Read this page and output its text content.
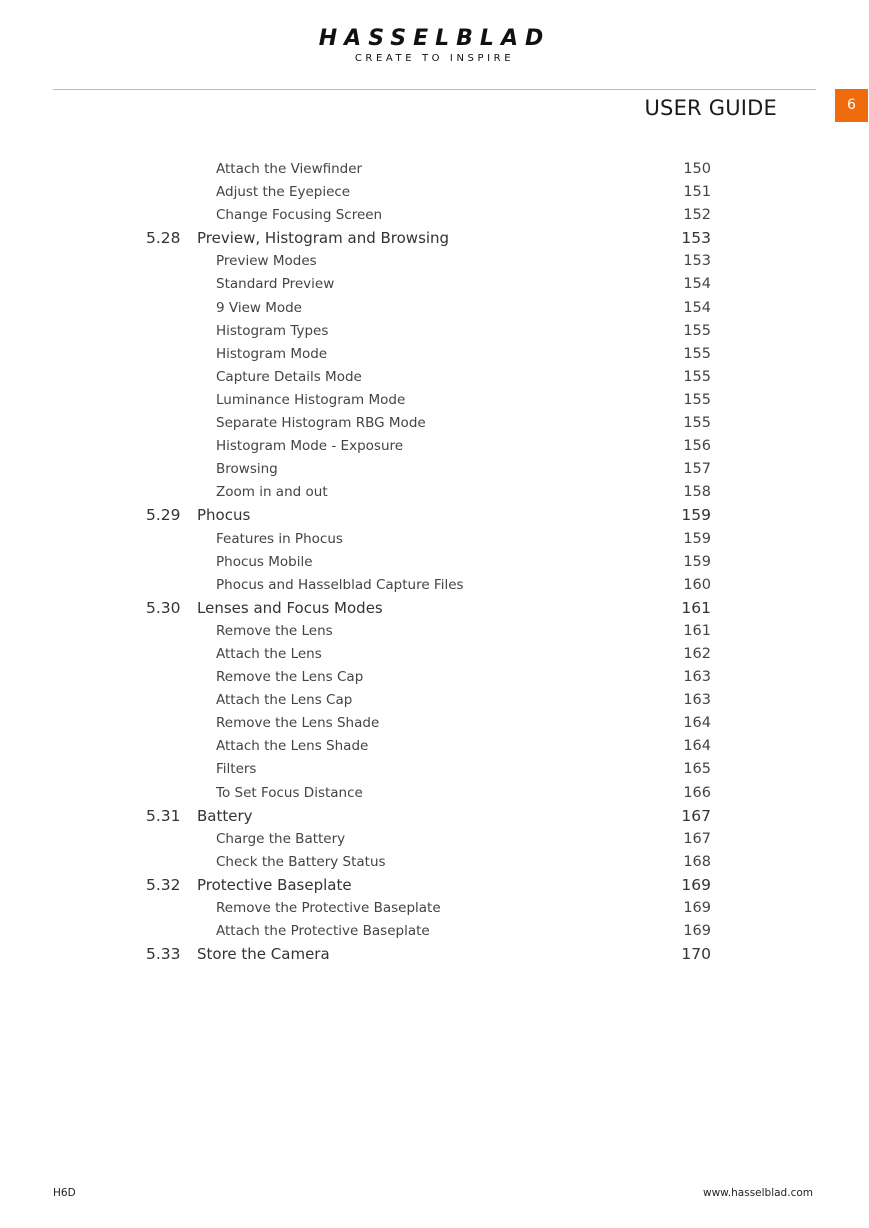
HASSELBLAD
CREATE TO INSPIRE
USER GUIDE	6
Attach the Viewfinder	150
Adjust the Eyepiece	151
Change Focusing Screen	152
5.28 Preview, Histogram and Browsing	153
Preview Modes	153
Standard Preview	154
9 View Mode	154
Histogram Types	155
Histogram Mode	155
Capture Details Mode	155
Luminance Histogram Mode	155
Separate Histogram RBG Mode	155
Histogram Mode - Exposure	156
Browsing	157
Zoom in and out	158
5.29 Phocus	159
Features in Phocus	159
Phocus Mobile	159
Phocus and Hasselblad Capture Files	160
5.30 Lenses and Focus Modes	161
Remove the Lens	161
Attach the Lens	162
Remove the Lens Cap	163
Attach the Lens Cap	163
Remove the Lens Shade	164
Attach the Lens Shade	164
Filters	165
To Set Focus Distance	166
5.31 Battery	167
Charge the Battery	167
Check the Battery Status	168
5.32 Protective Baseplate	169
Remove the Protective Baseplate	169
Attach the Protective Baseplate	169
5.33 Store the Camera	170
H6D	www.hasselblad.com
